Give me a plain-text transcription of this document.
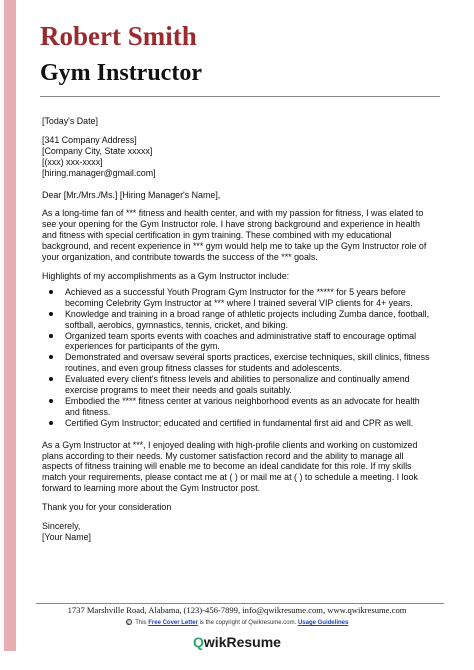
Robert Smith
Gym Instructor

[Today's Date]

[341 Company Address]

[Company City, State xxxxx]

[(xxx) xxx-xxxx]

[hiring.manager@gmail.com]

Dear [Mr./Mrs./Ms.] [Hiring Manager's Name],

As a long-time fan of *** fitness and health center, and with my passion for fitness, I was elated to see your opening for the Gym Instructor role. I have strong background and experience in health and fitness with special certification in gym training. These combined with my educational background, and recent experience in *** gym would help me to take up the Gym Instructor role of your organization, and contribute towards the success of the *** goals.

Highlights of my accomplishments as a Gym Instructor include:

Achieved as a successful Youth Program Gym Instructor for the ***** for 5 years before becoming Celebrity Gym Instructor at *** where I trained several VIP clients for 4+ years.
Knowledge and training in a broad range of athletic projects including Zumba dance, football, softball, aerobics, gymnastics, tennis, cricket, and biking.
Organized team sports events with coaches and administrative staff to encourage optimal experiences for participants of the gym.
Demonstrated and oversaw several sports practices, exercise techniques, skill clinics, fitness routines, and even group fitness classes for students and adolescents.
Evaluated every client's fitness levels and abilities to personalize and continually amend exercise programs to meet their needs and goals suitably.
Embodied the **** fitness center at various neighborhood events as an advocate for health and fitness.
Certified Gym Instructor; educated and certified in fundamental first aid and CPR as well.

As a Gym Instructor at ***, I enjoyed dealing with high-profile clients and working on customized plans according to their needs. My customer satisfaction record and the ability to manage all aspects of fitness training will enable me to become an ideal candidate for this role. If my skills match your requirements, please contact me at ( ) or mail me at ( ) to schedule a meeting. I look forward to learning more about the Gym Instructor post.

Thank you for your consideration

Sincerely,

[Your Name]

1737 Marshville Road, Alabama, (123)-456-7899, info@qwikresume.com, www.qwikresume.com
© This Free Cover Letter is the copyright of Qwikresume.com. Usage Guidelines
QwikResume
